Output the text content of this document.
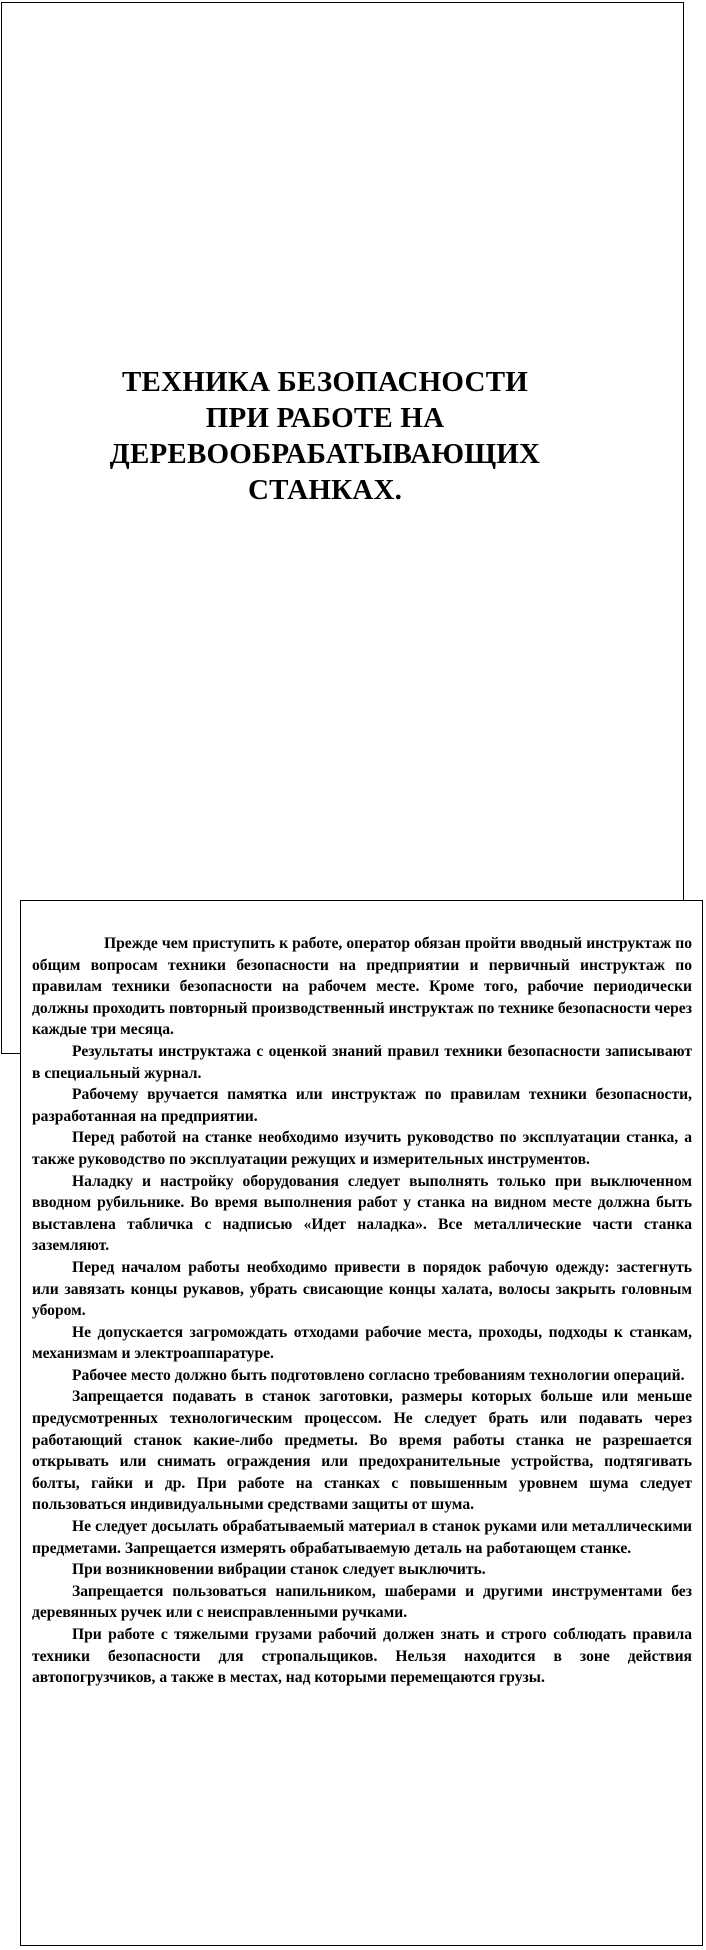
ТЕХНИКА БЕЗОПАСНОСТИ
ПРИ РАБОТЕ НА
ДЕРЕВООБРАБАТЫВАЮЩИХ
СТАНКАХ.

Прежде чем приступить к работе, оператор обязан пройти вводный инструктаж по общим вопросам техники безопасности на предприятии и первичный инструктаж по правилам техники безопасности на рабочем месте. Кроме того, рабочие периодически должны проходить повторный производственный инструктаж по технике безопасности через каждые три месяца.

Результаты инструктажа с оценкой знаний правил техники безопасности записывают в специальный журнал.

Рабочему вручается памятка или инструктаж по правилам техники безопасности, разработанная на предприятии.

Перед работой на станке необходимо изучить руководство по эксплуатации станка, а также руководство по эксплуатации режущих и измерительных инструментов.

Наладку и настройку оборудования следует выполнять только при выключенном вводном рубильнике. Во время выполнения работ у станка на видном месте должна быть выставлена табличка с надписью «Идет наладка». Все металлические части станка заземляют.

Перед началом работы необходимо привести в порядок рабочую одежду: застегнуть или завязать концы рукавов, убрать свисающие концы халата, волосы закрыть головным убором.

Не допускается загромождать отходами рабочие места, проходы, подходы к станкам, механизмам и электроаппаратуре.

Рабочее место должно быть подготовлено согласно требованиям технологии операций.

Запрещается подавать в станок заготовки, размеры которых больше или меньше предусмотренных технологическим процессом. Не следует брать или подавать через работающий станок какие-либо предметы. Во время работы станка не разрешается открывать или снимать ограждения или предохранительные устройства, подтягивать болты, гайки и др. При работе на станках с повышенным уровнем шума следует пользоваться индивидуальными средствами защиты от шума.

Не следует досылать обрабатываемый материал в станок руками или металлическими предметами. Запрещается измерять обрабатываемую деталь на работающем станке.

При возникновении вибрации станок следует выключить.

Запрещается пользоваться напильником, шаберами и другими инструментами без деревянных ручек или с неисправленными ручками.

При работе с тяжелыми грузами рабочий должен знать и строго соблюдать правила техники безопасности для стропальщиков. Нельзя находится в зоне действия автопогрузчиков, а также в местах, над которыми перемещаются грузы.
